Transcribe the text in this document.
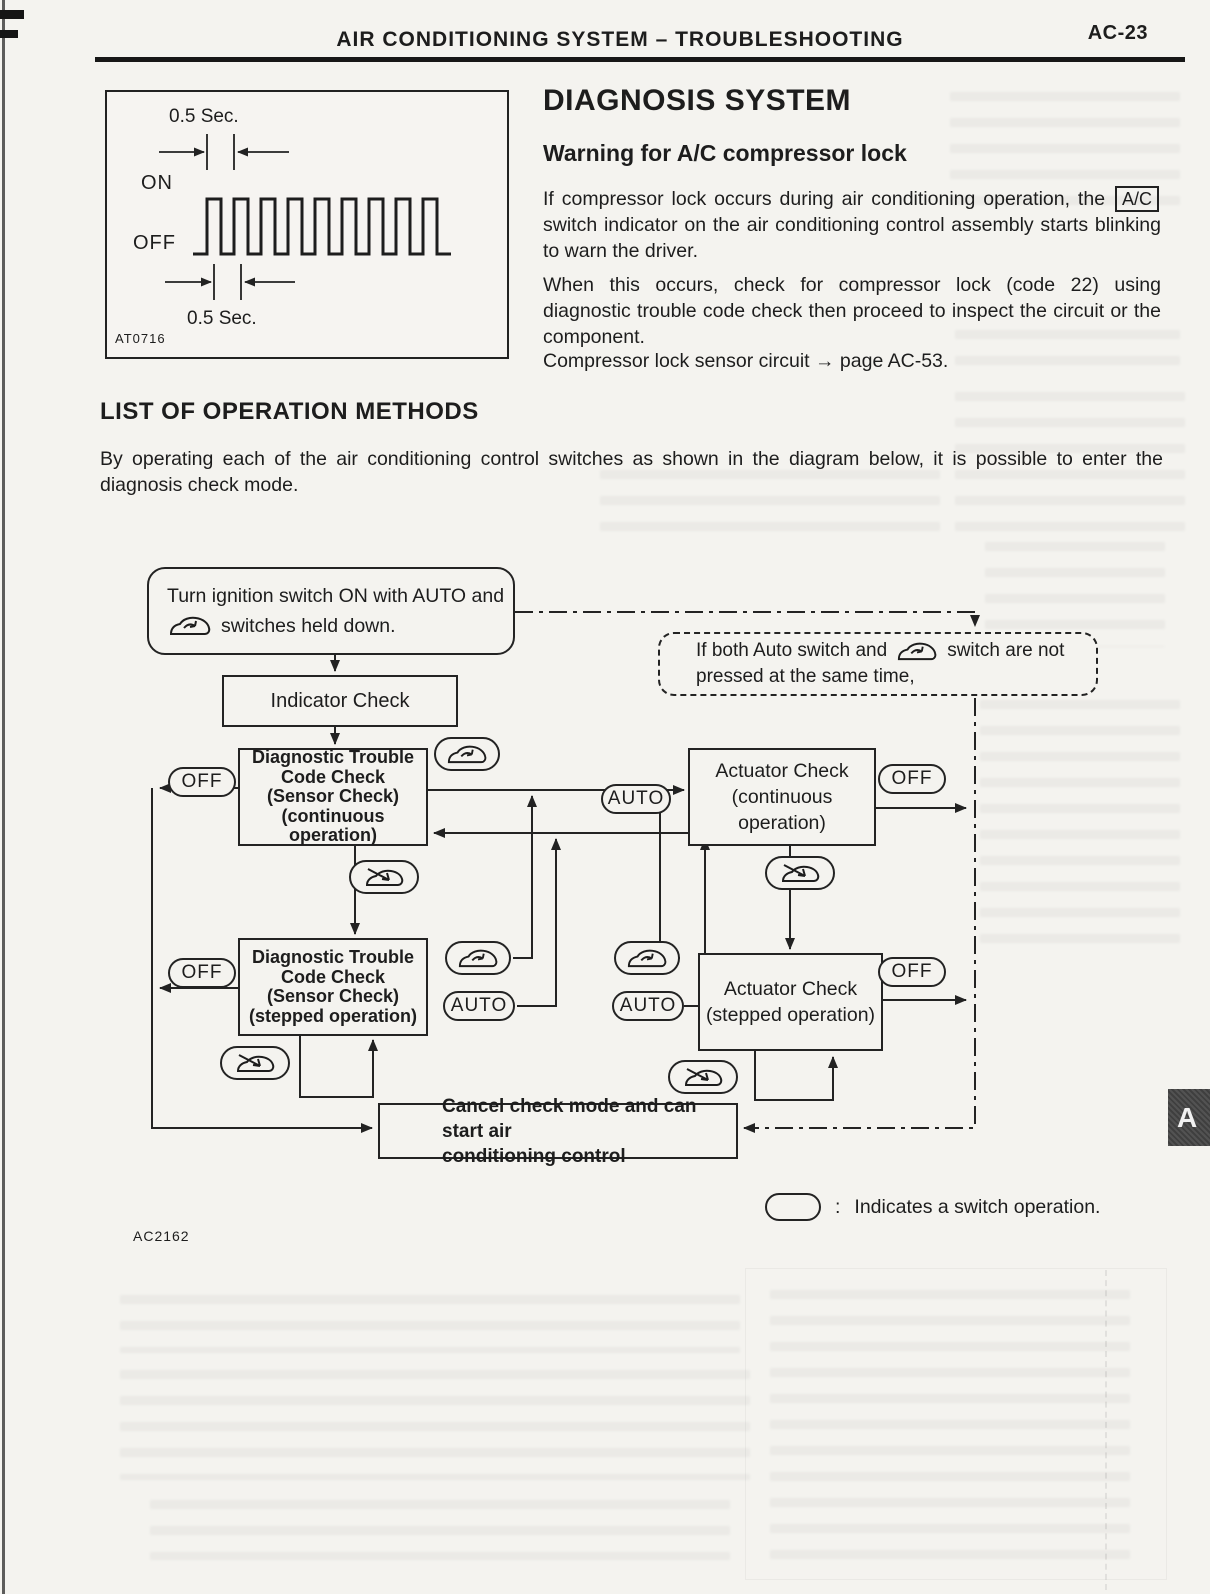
AIR CONDITIONING SYSTEM – TROUBLESHOOTING	AC-23
0.5 Sec.
ON
OFF
0.5 Sec.
AT0716
DIAGNOSIS SYSTEM
Warning for A/C compressor lock
If compressor lock occurs during air conditioning operation, the A/C switch indicator on the air conditioning control assembly starts blinking to warn the driver.
When this occurs, check for compressor lock (code 22) using diagnostic trouble code check then proceed to inspect the circuit or the component.
Compressor lock sensor circuit → page AC-53.
LIST OF OPERATION METHODS
By operating each of the air conditioning control switches as shown in the diagram below, it is possible to enter the diagnosis check mode.
Turn ignition switch ON with AUTO and
switches held down.
Indicator Check
Diagnostic Trouble
Code Check
(Sensor Check)
(continuous
operation)
Actuator Check
(continuous operation)
Diagnostic Trouble
Code Check
(Sensor Check)
(stepped operation)
Actuator Check
(stepped operation)
Cancel check mode and can start air
conditioning control
If both Auto switch and	switch are not
pressed at the same time,
OFF	OFF
OFF	OFF
AUTO
AUTO	AUTO
: Indicates a switch operation.
AC2162
A
